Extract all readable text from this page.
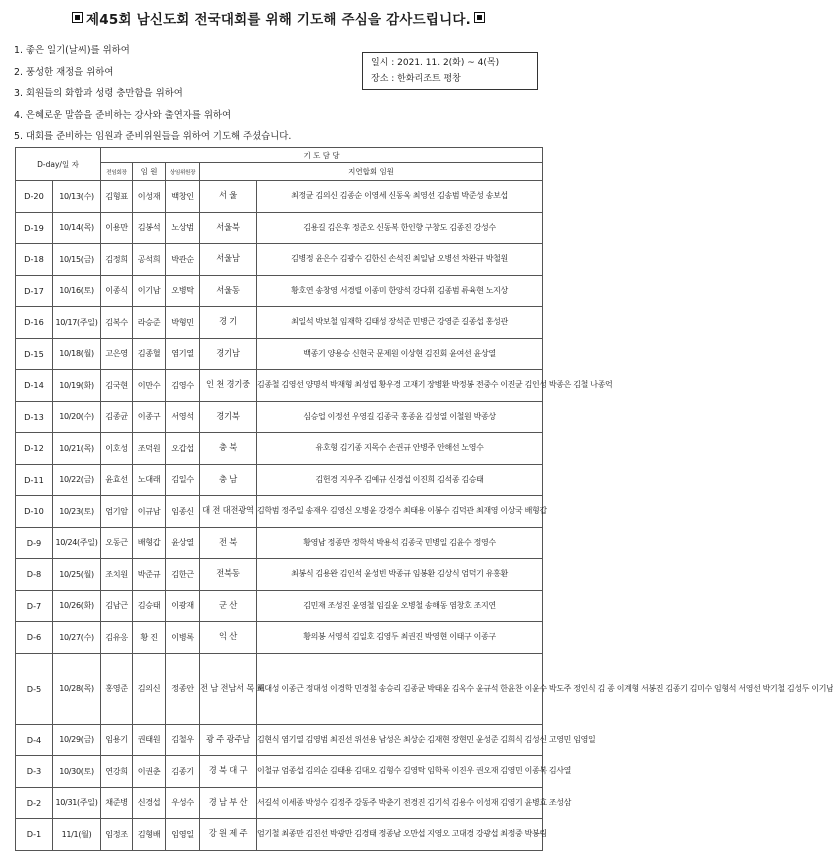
제45회 남신도회 전국대회를 위해 기도해 주심을 감사드립니다.
1. 좋은 일기(날씨)를 위하여
2. 풍성한 재정을 위하여
3. 회원들의 화합과 성령 충만함을 위하여
4. 은혜로운 말씀을 준비하는 강사와 출연자를 위하여
5. 대회를 준비하는 임원과 준비위원들을 위하여 기도해 주셨습니다.
일시 : 2021. 11. 2(화) ~ 4(목)
장소 : 한화리조트 평창
D-day/일 자		기 도 담 당				
		전임회장	임 원	상임위원장	지연합회 임원	
D-20	10/13(수)	김형표	이성재	백창인	서 울	최정균 김의신 김종순 이영세 신동욱 최영선 김송범 박준성 송보섭
D-19	10/14(목)	이용만	김봉석	노상범	서울북	김용길 김은후 정준오 신동복 한인향 구창도 김종진 강성수
D-18	10/15(금)	김정희	공석희	박관순	서울남	김병정 윤은수 김광수 김한신 손석진 최일남 오병선 차완규 박철원
D-17	10/16(토)	이종식	이기남	오병탁	서울동	황호연 송창영 서경렬 이종미 한양석 강다휘 김종범 류육현 노지상
D-16	10/17(주일)	김복수	라승준	박형민	경 기	최일석 박보철 임재학 김태성 장석준 민병근 강영준 길종섭 홍성관
D-15	10/18(월)	고은영	김종혈	염기열	경기남	백종기 양용승 신현국 문제원 이상현 김진회 윤여선 윤상열
D-14	10/19(화)	김국현	이만수	김영수	인 천 경기중	김종철 김영선 양명석 박재형 최성엽 황우경 고재기 장병환 박정봉 전중수 이진균 김인성 박종은 김철 나종억
D-13	10/20(수)	김종균	이종구	서영석	경기북	심승업 이정선 우영길 김종국 홍종윤 김성열 이철원 박종상
D-12	10/21(목)	이호성	조덕원	오갑섭	충 북	유호형 김기종 지목수 손권규 안병주 안해선 노영수
D-11	10/22(금)	윤효선	노대래	김일수	충 남	김헌경 지우주 김예규 신경섭 이진희 김석종 김승태
D-10	10/23(토)	엄기암	이규남	임종신	대 전 대전광역	김학범 정주일 송재우 김영신 오병윤 강경수 최태용 이봉수 김덕관 최재영 이상국 배형갑
D-9	10/24(주일)	오동근	배형갑	윤상열	전 북	황영남 정종만 정학석 박용석 김종국 민병일 김윤수 정영수
D-8	10/25(월)	조치원	박준규	김한근	전북동	최봉식 김용완 김인석 윤성빈 박종규 임봉환 김상식 엄덕기 유홍환
D-7	10/26(화)	김남근	김승태	이광재	군 산	김민재 조성진 윤영철 임길윤 오병철 송해동 염창호 조지연
D-6	10/27(수)	김유응	황 진	이병록	익 산	황의봉 서영석 김일호 김영두 최권진 박영현 이태구 이종구
D-5	10/28(목)	홍영준	김의신	정종안	전 남 전남서 목 포	배대성 이종근 정대성 이경학 민경철 송승리 김종균 박태윤 김옥수 윤규석 한윤찬 이윤수 박도주 정인식 김 종 이계형 서봉진 김종기 김미수 임형석 서영선 박기철 김성두 이기남
D-4	10/29(금)	임용기	권태원	김철우	광 주 광주남	김현식 염기열 김영범 최진선 위선용 남성은 최상순 김재현 장현민 윤성준 김희식 김성신 고영민 임영일
D-3	10/30(토)	연강희	이권춘	김종기	경 북 대 구	이철규 엄종섭 김의순 김태용 김대오 김형수 김영탁 임학록 이진우 권오재 김영민 이종복 김사열
D-2	10/31(주일)	채준병	신경섭	우성수	경 남 부 산	서길석 이세종 박성수 김정주 강동주 박춘기 전경진 김기석 김용수 이성재 김영기 윤병효 조성삼
D-1	11/1(월)	임정조	김형배	임영일	강 원 제 주	엄기철 최종만 김진선 박광만 김경태 정종남 오만섭 지영오 고대경 강광섭 최정중 박봉림
